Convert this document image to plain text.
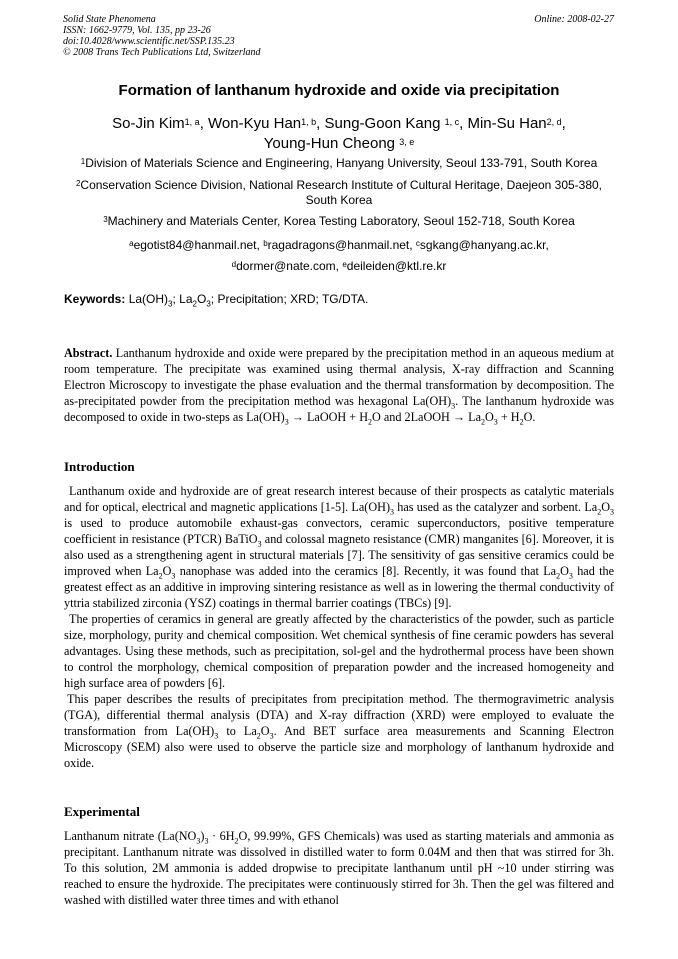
Solid State Phenomena
ISSN: 1662-9779, Vol. 135, pp 23-26
doi:10.4028/www.scientific.net/SSP.135.23
© 2008 Trans Tech Publications Ltd, Switzerland
Online: 2008-02-27
Formation of lanthanum hydroxide and oxide via precipitation
So-Jin Kim$^{1, a}$, Won-Kyu Han$^{1, b}$, Sung-Goon Kang $^{1, c}$, Min-Su Han$^{2, d}$,
Young-Hun Cheong $^{3, e}$
$^1$Division of Materials Science and Engineering, Hanyang University, Seoul 133-791, South Korea
$^2$Conservation Science Division, National Research Institute of Cultural Heritage, Daejeon 305-380, South Korea
$^3$Machinery and Materials Center, Korea Testing Laboratory, Seoul 152-718, South Korea
$^a$egotist84@hanmail.net, $^b$ragadragons@hanmail.net, $^c$sgkang@hanyang.ac.kr,
$^d$dormer@nate.com, $^e$deileiden@ktl.re.kr
Keywords: $La(OH)_3$; $La_2O_3$; Precipitation; XRD; TG/DTA.

Abstract. Lanthanum hydroxide and oxide were prepared by the precipitation method in an aqueous medium at room temperature. The precipitate was examined using thermal analysis, X-ray diffraction and Scanning Electron Microscopy to investigate the phase evaluation and the thermal transformation by decomposition. The as-precipitated powder from the precipitation method was hexagonal $La(OH)_3$. The lanthanum hydroxide was decomposed to oxide in two-steps as $La(OH)_3$ → LaOOH + $H_2O$ and 2LaOOH → $La_2O_3 + H_2O$.

Introduction

Lanthanum oxide and hydroxide are of great research interest because of their prospects as catalytic materials and for optical, electrical and magnetic applications [1-5]. $La(OH)_3$ has used as the catalyzer and sorbent. $La_2O_3$ is used to produce automobile exhaust-gas convectors, ceramic superconductors, positive temperature coefficient in resistance (PTCR) BaTiO$_3$ and colossal magneto resistance (CMR) manganites [6]. Moreover, it is also used as a strengthening agent in structural materials [7]. The sensitivity of gas sensitive ceramics could be improved when $La_2O_3$ nanophase was added into the ceramics [8]. Recently, it was found that $La_2O_3$ had the greatest effect as an additive in improving sintering resistance as well as in lowering the thermal conductivity of yttria stabilized zirconia (YSZ) coatings in thermal barrier coatings (TBCs) [9].

The properties of ceramics in general are greatly affected by the characteristics of the powder, such as particle size, morphology, purity and chemical composition. Wet chemical synthesis of fine ceramic powders has several advantages. Using these methods, such as precipitation, sol-gel and the hydrothermal process have been shown to control the morphology, chemical composition of preparation powder and the increased homogeneity and high surface area of powders [6].

This paper describes the results of precipitates from precipitation method. The thermogravimetric analysis (TGA), differential thermal analysis (DTA) and X-ray diffraction (XRD) were employed to evaluate the transformation from $La(OH)_3$ to $La_2O_3$. And BET surface area measurements and Scanning Electron Microscopy (SEM) also were used to observe the particle size and morphology of lanthanum hydroxide and oxide.

Experimental

Lanthanum nitrate ($La(NO_3)_3 \cdot 6H_2O$, 99.99%, GFS Chemicals) was used as starting materials and ammonia as precipitant. Lanthanum nitrate was dissolved in distilled water to form 0.04M and then that was stirred for 3h. To this solution, 2M ammonia is added dropwise to precipitate lanthanum until pH ~10 under stirring was reached to ensure the hydroxide. The precipitates were continuously stirred for 3h. Then the gel was filtered and washed with distilled water three times and with ethanol
